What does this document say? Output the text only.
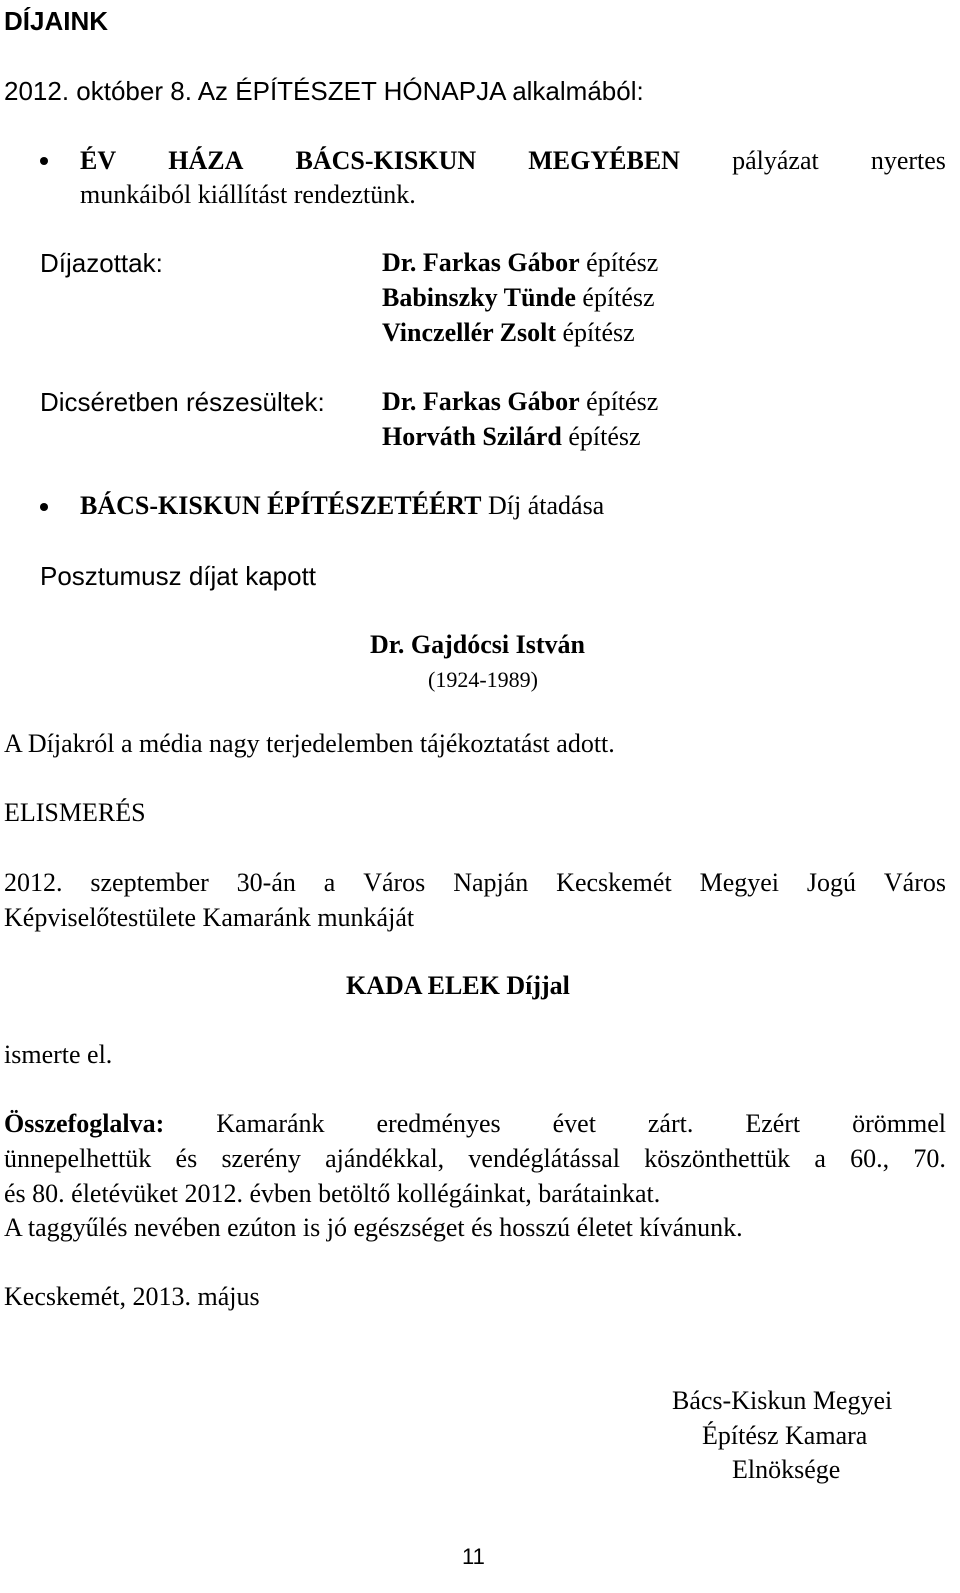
DÍJAINK
2012. október 8. Az ÉPÍTÉSZET HÓNAPJA alkalmából:
ÉV HÁZA BÁCS-KISKUN MEGYÉBEN pályázat nyertes
munkáiból kiállítást rendeztünk.
Díjazottak:	Dr. Farkas Gábor építész
Babinszky Tünde építész
Vinczellér Zsolt építész
Dicséretben részesültek: Dr. Farkas Gábor építész
Horváth Szilárd építész
BÁCS-KISKUN ÉPÍTÉSZETÉÉRT Díj átadása
Posztumusz díjat kapott
Dr. Gajdócsi István
(1924-1989)
A Díjakról a média nagy terjedelemben tájékoztatást adott.
ELISMERÉS
2012. szeptember 30-án a Város Napján Kecskemét Megyei Jogú Város
Képviselőtestülete Kamaránk munkáját
KADA ELEK Díjjal
ismerte el.
Összefoglalva: Kamaránk eredményes évet zárt. Ezért örömmel
ünnepelhettük és szerény ajándékkal, vendéglátással köszönthettük a 60., 70.
és 80. életévüket 2012. évben betöltő kollégáinkat, barátainkat.
A taggyűlés nevében ezúton is jó egészséget és hosszú életet kívánunk.
Kecskemét, 2013. május
Bács-Kiskun Megyei
Építész Kamara
Elnöksége
11
